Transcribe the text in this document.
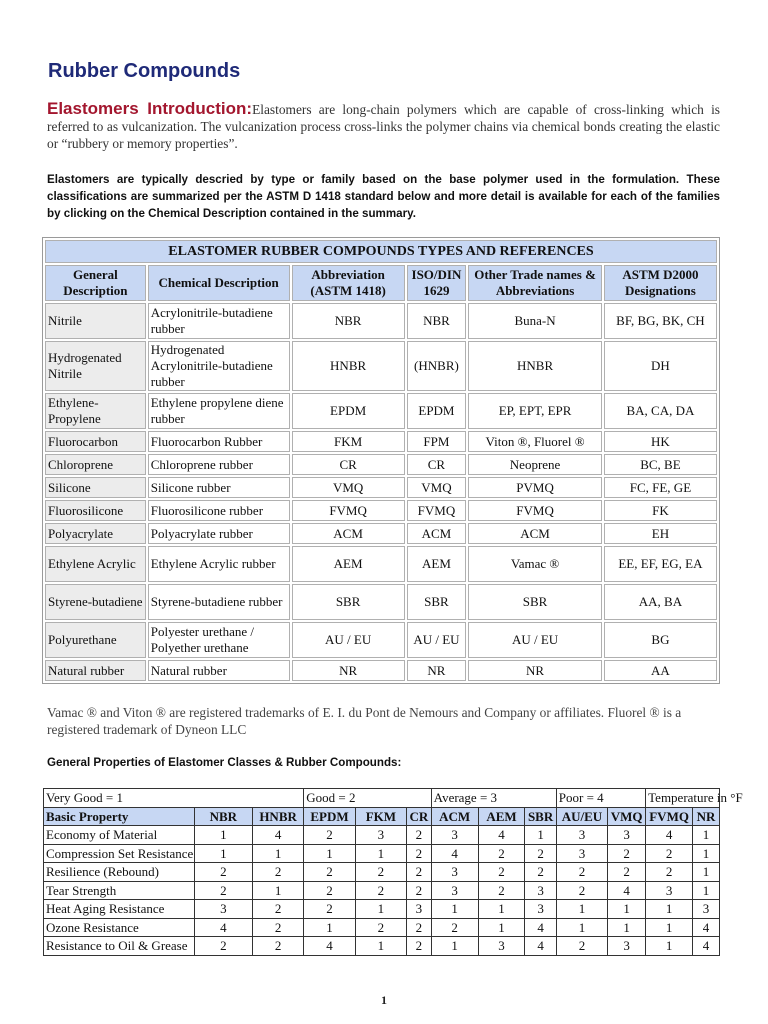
Rubber Compounds

Elastomers Introduction:Elastomers are long-chain polymers which are capable of cross-linking which is referred to as vulcanization. The vulcanization process cross-links the polymer chains via chemical bonds creating the elastic or “rubbery or memory properties”.

Elastomers are typically descried by type or family based on the base polymer used in the formulation. These classifications are summarized per the ASTM D 1418 standard below and more detail is available for each of the families by clicking on the Chemical Description contained in the summary.

ELASTOMER RUBBER COMPOUNDS TYPES AND REFERENCES					
General Description	Chemical Description	Abbreviation (ASTM 1418)	ISO/DIN 1629	Other Trade names & Abbreviations	ASTM D2000 Designations
Nitrile	Acrylonitrile-butadiene rubber	NBR	NBR	Buna-N	BF, BG, BK, CH
Hydrogenated Nitrile	Hydrogenated Acrylonitrile-butadiene rubber	HNBR	(HNBR)	HNBR	DH
Ethylene-Propylene	Ethylene propylene diene rubber	EPDM	EPDM	EP, EPT, EPR	BA, CA, DA
Fluorocarbon	Fluorocarbon Rubber	FKM	FPM	Viton ®, Fluorel ®	HK
Chloroprene	Chloroprene rubber	CR	CR	Neoprene	BC, BE
Silicone	Silicone rubber	VMQ	VMQ	PVMQ	FC, FE, GE
Fluorosilicone	Fluorosilicone rubber	FVMQ	FVMQ	FVMQ	FK
Polyacrylate	Polyacrylate rubber	ACM	ACM	ACM	EH
Ethylene Acrylic	Ethylene Acrylic rubber	AEM	AEM	Vamac ®	EE, EF, EG, EA
Styrene-butadiene	Styrene-butadiene rubber	SBR	SBR	SBR	AA, BA
Polyurethane	Polyester urethane / Polyether urethane	AU / EU	AU / EU	AU / EU	BG
Natural rubber	Natural rubber	NR	NR	NR	AA

Vamac ® and Viton ® are registered trademarks of E. I. du Pont de Nemours and Company or affiliates. Fluorel ® is a registered trademark of Dyneon LLC

General Properties of Elastomer Classes & Rubber Compounds:

Very Good = 1			Good = 2			Average = 3			Poor = 4		Temperature in °F	
Basic Property	NBR	HNBR	EPDM	FKM	CR	ACM	AEM	SBR	AU/EU	VMQ	FVMQ	NR
Economy of Material	1	4	2	3	2	3	4	1	3	3	4	1
Compression Set Resistance	1	1	1	1	2	4	2	2	3	2	2	1
Resilience (Rebound)	2	2	2	2	2	3	2	2	2	2	2	1
Tear Strength	2	1	2	2	2	3	2	3	2	4	3	1
Heat Aging Resistance	3	2	2	1	3	1	1	3	1	1	1	3
Ozone Resistance	4	2	1	2	2	2	1	4	1	1	1	4
Resistance to Oil & Grease	2	2	4	1	2	1	3	4	2	3	1	4

1
